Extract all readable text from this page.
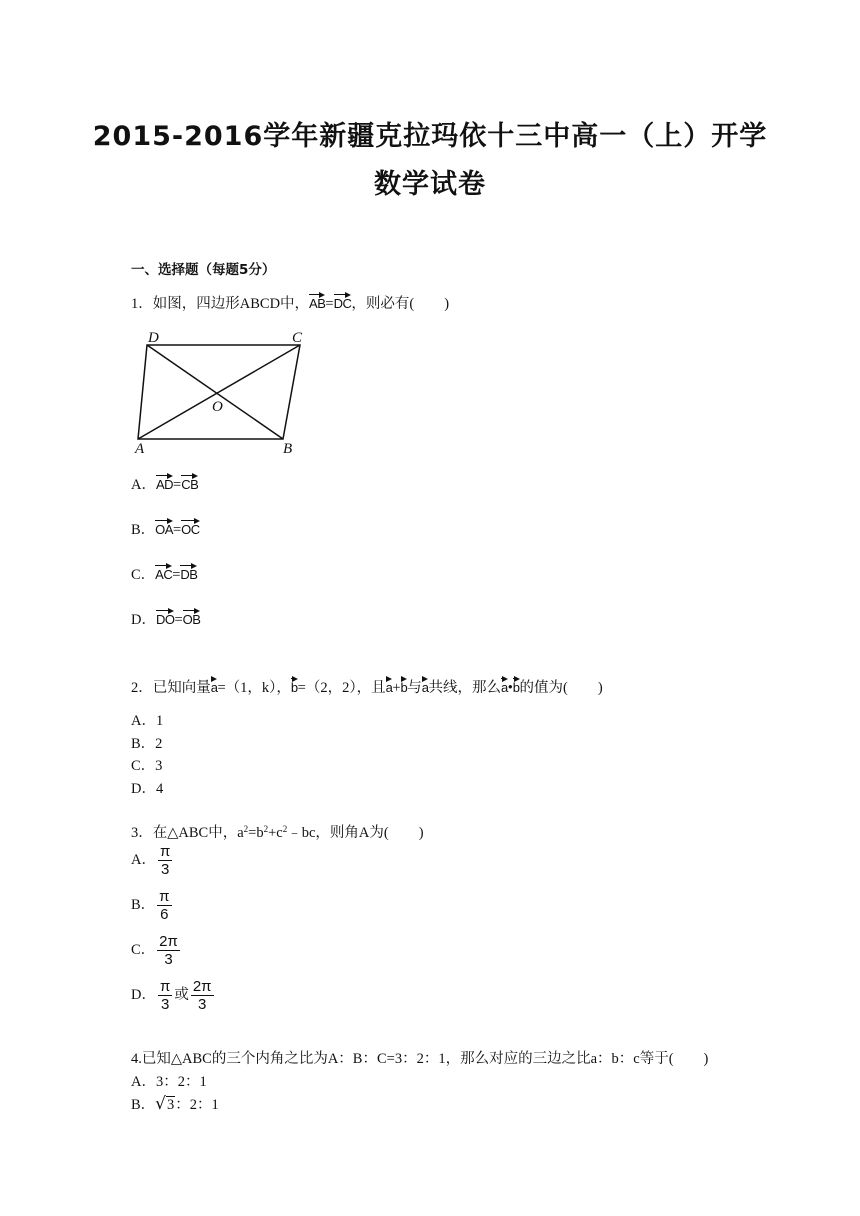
2015-2016学年新疆克拉玛依十三中高一（上）开学
数学试卷
一、选择题（每题5分）
1．如图，四边形ABCD中，AB=DC，则必有( )
D	C
O
A	B
A．AD=CB
B．OA=OC
C．AC=DB
D．DO=OB
2．已知向量a=（1，k），b=（2，2），且a+b与a共线，那么a•b的值为( )
A．1
B．2
C．3
D．4
3．在△ABC中，$a^2=b^2+c^2﹣bc$，则角A为( )
A． $\frac{\pi}{3}$
B． $\frac{\pi}{6}$
C． $\frac{2\pi}{3}$
D． $\frac{\pi}{3}$ 或 $\frac{2\pi}{3}$
4.已知△ABC的三个内角之比为A：B：C=3：2：1，那么对应的三边之比a：b：c等于( )
A．3：2：1
B．√3：2：1
